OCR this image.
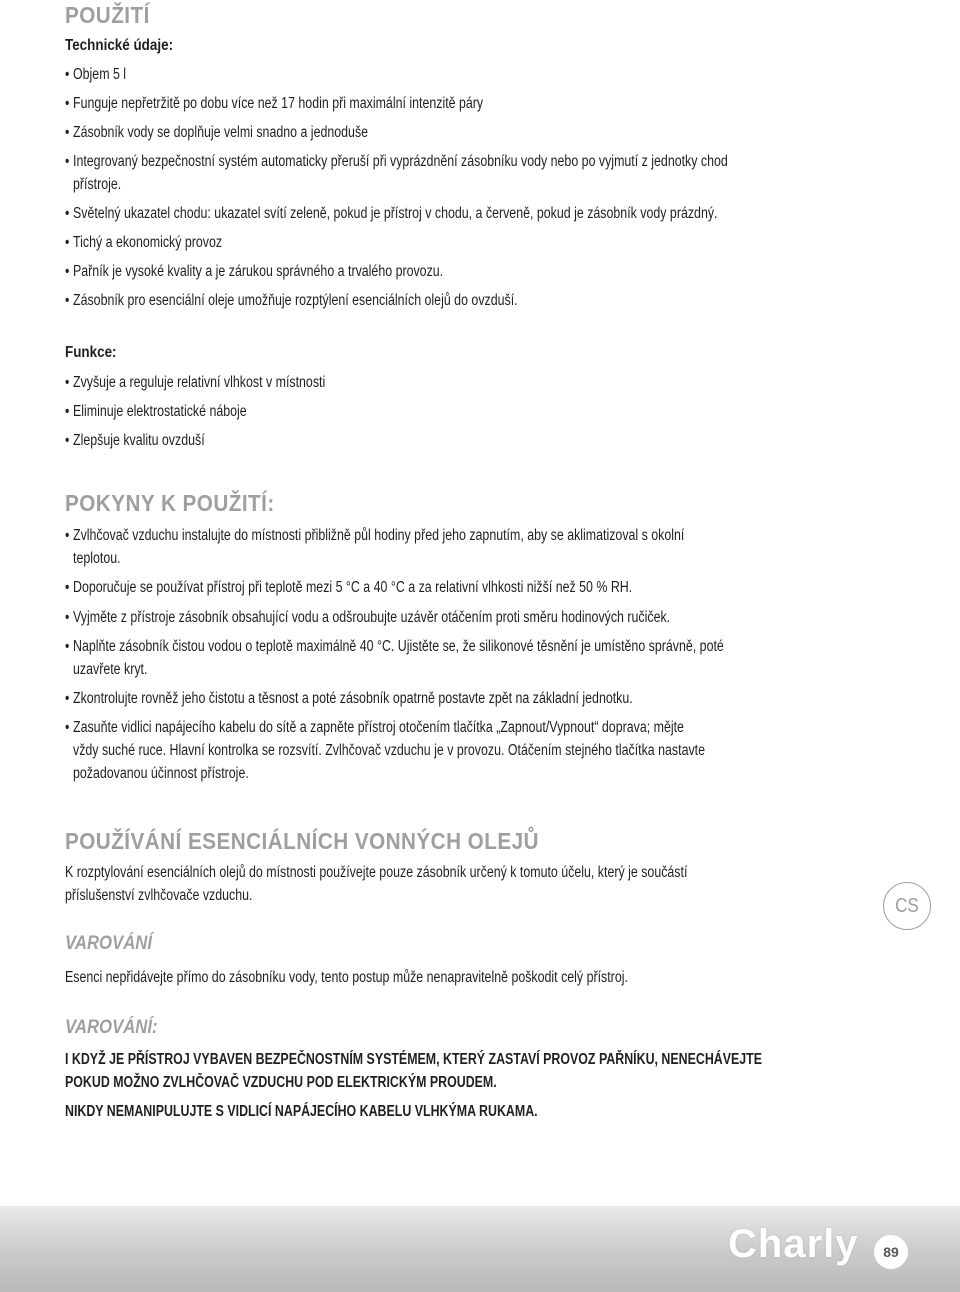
POUŽITÍ
Technické údaje:
• Objem 5 l
• Funguje nepřetržitě po dobu více než 17 hodin při maximální intenzitě páry
• Zásobník vody se doplňuje velmi snadno a jednoduše
• Integrovaný bezpečnostní systém automaticky přeruší při vyprázdnění zásobníku vody nebo po vyjmutí z jednotky chod
přístroje.
• Světelný ukazatel chodu: ukazatel svítí zeleně, pokud je přístroj v chodu, a červeně, pokud je zásobník vody prázdný.
• Tichý a ekonomický provoz
• Pařník je vysoké kvality a je zárukou správného a trvalého provozu.
• Zásobník pro esenciální oleje umožňuje rozptýlení esenciálních olejů do ovzduší.
Funkce:
• Zvyšuje a reguluje relativní vlhkost v místnosti
• Eliminuje elektrostatické náboje
• Zlepšuje kvalitu ovzduší
POKYNY K POUŽITÍ:
• Zvlhčovač vzduchu instalujte do místnosti přibližně půl hodiny před jeho zapnutím, aby se aklimatizoval s okolní
teplotou.
• Doporučuje se používat přístroj při teplotě mezi 5 °C a 40 °C a za relativní vlhkosti nižší než 50 % RH.
• Vyjměte z přístroje zásobník obsahující vodu a odšroubujte uzávěr otáčením proti směru hodinových ručiček.
• Naplňte zásobník čistou vodou o teplotě maximálně 40 °C. Ujistěte se, že silikonové těsnění je umístěno správně, poté
uzavřete kryt.
• Zkontrolujte rovněž jeho čistotu a těsnost a poté zásobník opatrně postavte zpět na základní jednotku.
• Zasuňte vidlici napájecího kabelu do sítě a zapněte přístroj otočením tlačítka „Zapnout/Vypnout“ doprava; mějte
vždy suché ruce. Hlavní kontrolka se rozsvítí. Zvlhčovač vzduchu je v provozu. Otáčením stejného tlačítka nastavte
požadovanou účinnost přístroje.
POUŽÍVÁNÍ ESENCIÁLNÍCH VONNÝCH OLEJŮ
K rozptylování esenciálních olejů do místnosti používejte pouze zásobník určený k tomuto účelu, který je součástí
příslušenství zvlhčovače vzduchu.	CS
VAROVÁNÍ
Esenci nepřidávejte přímo do zásobníku vody, tento postup může nenapravitelně poškodit celý přístroj.
VAROVÁNÍ:
I KDYŽ JE PŘÍSTROJ VYBAVEN BEZPEČNOSTNÍM SYSTÉMEM, KTERÝ ZASTAVÍ PROVOZ PAŘNÍKU, NENECHÁVEJTE
POKUD MOŽNO ZVLHČOVAČ VZDUCHU POD ELEKTRICKÝM PROUDEM.
NIKDY NEMANIPULUJTE S VIDLICÍ NAPÁJECÍHO KABELU VLHKÝMA RUKAMA.
Charly 89
